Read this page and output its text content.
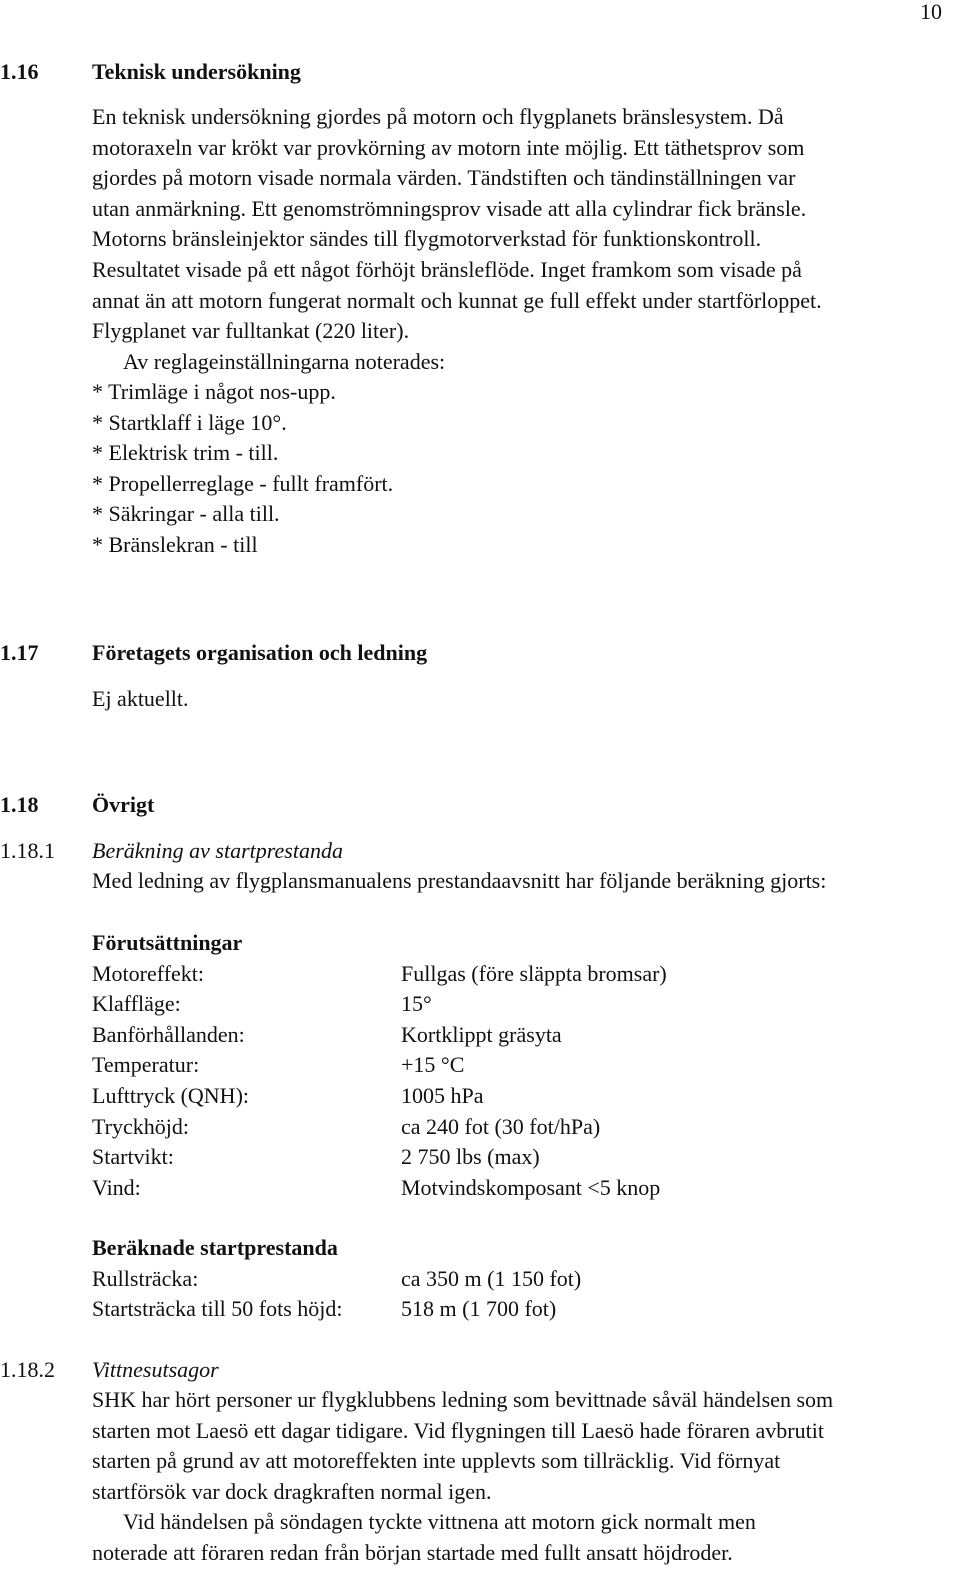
10
1.16 Teknisk undersökning
En teknisk undersökning gjordes på motorn och flygplanets bränslesystem. Då
motoraxeln var krökt var provkörning av motorn inte möjlig. Ett täthetsprov som
gjordes på motorn visade normala värden. Tändstiften och tändinställningen var
utan anmärkning. Ett genomströmningsprov visade att alla cylindrar fick bränsle.
Motorns bränsleinjektor sändes till flygmotorverkstad för funktionskontroll.
Resultatet visade på ett något förhöjt bränsleflöde. Inget framkom som visade på
annat än att motorn fungerat normalt och kunnat ge full effekt under startförloppet.
Flygplanet var fulltankat (220 liter).
Av reglageinställningarna noterades:
* Trimläge i något nos-upp.
* Startklaff i läge 10°.
* Elektrisk trim - till.
* Propellerreglage - fullt framfört.
* Säkringar - alla till.
* Bränslekran - till
1.17 Företagets organisation och ledning
Ej aktuellt.
1.18 Övrigt
1.18.1 Beräkning av startprestanda
Med ledning av flygplansmanualens prestandaavsnitt har följande beräkning gjorts:
Förutsättningar
Motoreffekt:	Fullgas (före släppta bromsar)
Klaffläge:	15°
Banförhållanden:	Kortklippt gräsyta
Temperatur:	+15 °C
Lufttryck (QNH):	1005 hPa
Tryckhöjd:	ca 240 fot (30 fot/hPa)
Startvikt:	2 750 lbs (max)
Vind:	Motvindskomposant <5 knop
Beräknade startprestanda
Rullsträcka:	ca 350 m (1 150 fot)
Startsträcka till 50 fots höjd:	518 m (1 700 fot)
1.18.2 Vittnesutsagor
SHK har hört personer ur flygklubbens ledning som bevittnade såväl händelsen som
starten mot Laesö ett dagar tidigare. Vid flygningen till Laesö hade föraren avbrutit
starten på grund av att motoreffekten inte upplevts som tillräcklig. Vid förnyat
startförsök var dock dragkraften normal igen.
Vid händelsen på söndagen tyckte vittnena att motorn gick normalt men
noterade att föraren redan från början startade med fullt ansatt höjdroder.
